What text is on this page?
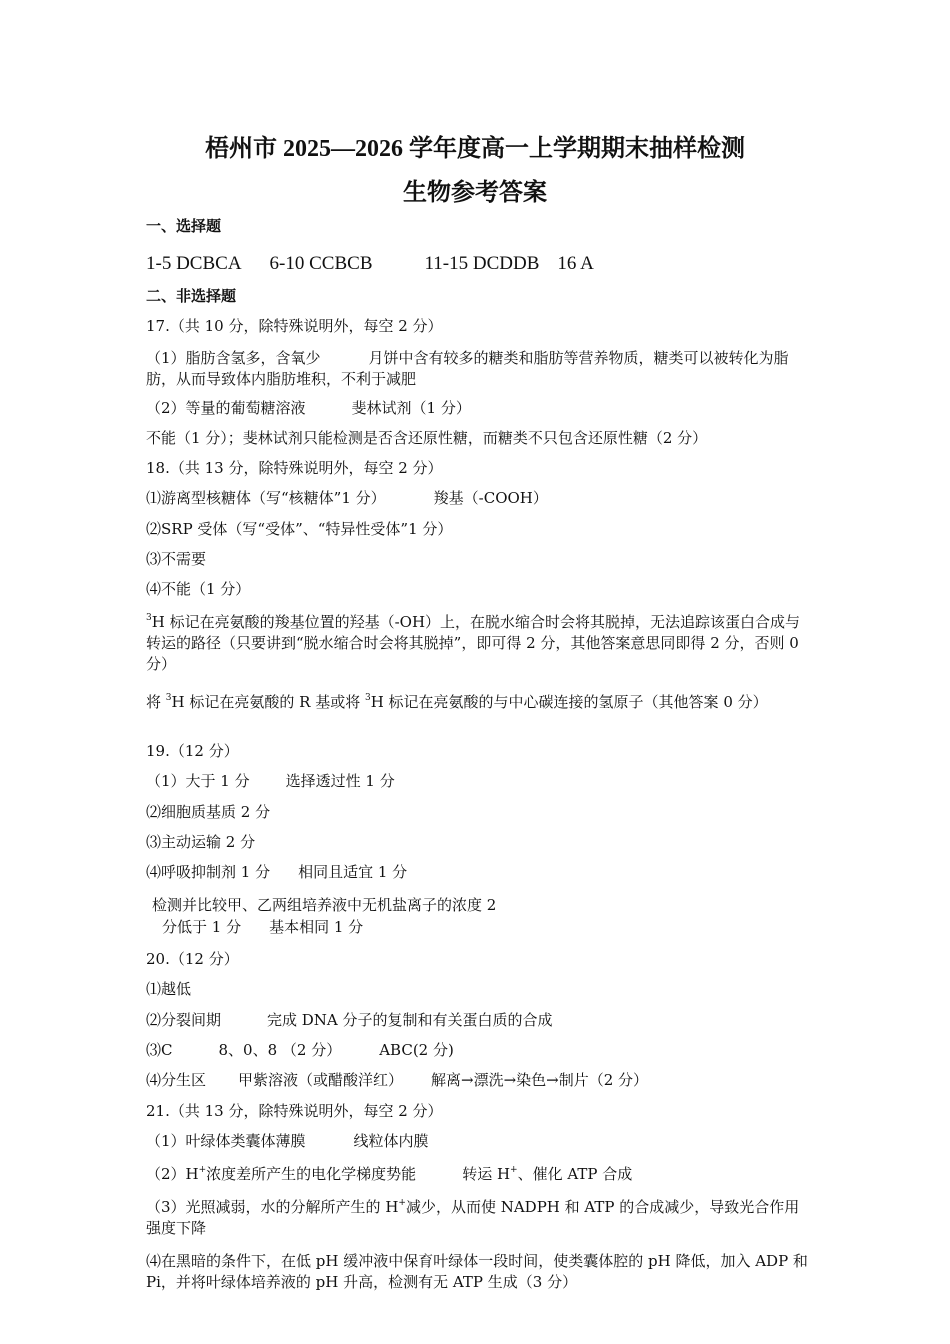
梧州市 2025—2026 学年度高一上学期期末抽样检测
生物参考答案
一、选择题
1-5 DCBCA 6-10 CCBCB	11-15 DCDDB 16 A
二、非选择题
17.（共 10 分，除特殊说明外，每空 2 分）
（1）脂肪含氢多，含氧少	月饼中含有较多的糖类和脂肪等营养物质，糖类可以被转化为脂肪，从而导致体内脂肪堆积，不利于减肥
（2）等量的葡萄糖溶液	斐林试剂（1 分）
不能（1 分）；斐林试剂只能检测是否含还原性糖，而糖类不只包含还原性糖（2 分）
18.（共 13 分，除特殊说明外，每空 2 分）
⑴游离型核糖体（写“核糖体”1 分）	羧基（-COOH）
⑵SRP 受体（写“受体”、“特异性受体”1 分）
⑶不需要
⑷不能（1 分）
$^3$H 标记在亮氨酸的羧基位置的羟基（-OH）上，在脱水缩合时会将其脱掉，无法追踪该蛋白合成与转运的路径（只要讲到“脱水缩合时会将其脱掉”，即可得 2 分，其他答案意思同即得 2 分，否则 0 分）
将 $^3$H 标记在亮氨酸的 R 基或将 $^3$H 标记在亮氨酸的与中心碳连接的氢原子（其他答案 0 分）
19.（12 分）
（1）大于 1 分 选择透过性 1 分
⑵细胞质基质 2 分
⑶主动运输 2 分
⑷呼吸抑制剂 1 分 相同且适宜 1 分
检测并比较甲、乙两组培养液中无机盐离子的浓度 2
分低于 1 分 基本相同 1 分
20.（12 分）
⑴越低
⑵分裂间期	完成 DNA 分子的复制和有关蛋白质的合成
⑶C	8、0、8 （2 分）	ABC(2 分)
⑷分生区 甲紫溶液（或醋酸洋红） 解离→漂洗→染色→制片（2 分）
21.（共 13 分，除特殊说明外，每空 2 分）
（1）叶绿体类囊体薄膜	线粒体内膜
（2）H+浓度差所产生的电化学梯度势能	转运 H+、催化 ATP 合成
（3）光照减弱，水的分解所产生的 H+减少，从而使 NADPH 和 ATP 的合成减少，导致光合作用强度下降
⑷在黑暗的条件下，在低 pH 缓冲液中保育叶绿体一段时间，使类囊体腔的 pH 降低，加入 ADP 和 Pi，并将叶绿体培养液的 pH 升高，检测有无 ATP 生成（3 分）
